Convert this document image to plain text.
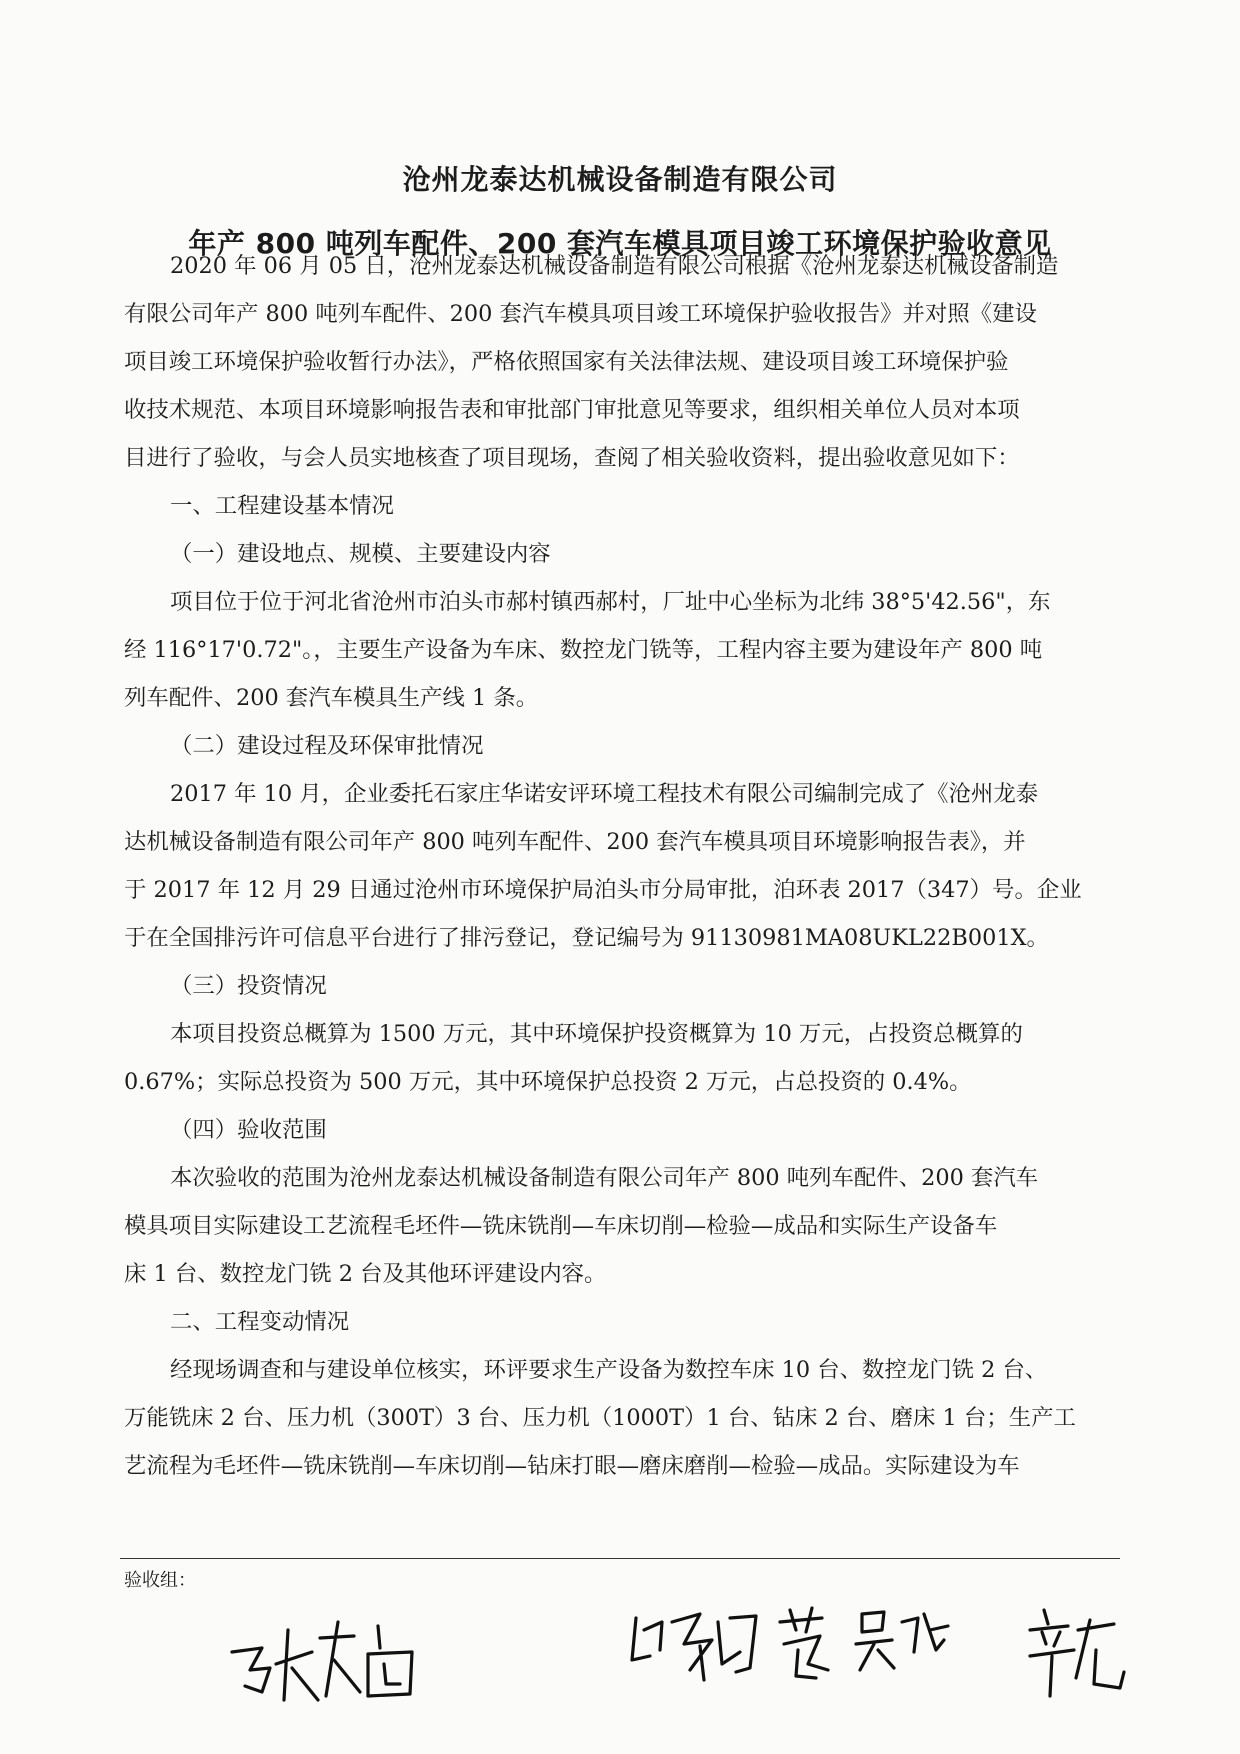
沧州龙泰达机械设备制造有限公司
年产 800 吨列车配件、200 套汽车模具项目竣工环境保护验收意见

2020 年 06 月 05 日，沧州龙泰达机械设备制造有限公司根据《沧州龙泰达机械设备制造

有限公司年产 800 吨列车配件、200 套汽车模具项目竣工环境保护验收报告》并对照《建设

项目竣工环境保护验收暂行办法》，严格依照国家有关法律法规、建设项目竣工环境保护验

收技术规范、本项目环境影响报告表和审批部门审批意见等要求，组织相关单位人员对本项

目进行了验收，与会人员实地核查了项目现场，查阅了相关验收资料，提出验收意见如下：

一、工程建设基本情况

（一）建设地点、规模、主要建设内容

项目位于位于河北省沧州市泊头市郝村镇西郝村，厂址中心坐标为北纬 38°5'42.56"，东

经 116°17'0.72"。，主要生产设备为车床、数控龙门铣等，工程内容主要为建设年产 800 吨

列车配件、200 套汽车模具生产线 1 条。

（二）建设过程及环保审批情况

2017 年 10 月，企业委托石家庄华诺安评环境工程技术有限公司编制完成了《沧州龙泰

达机械设备制造有限公司年产 800 吨列车配件、200 套汽车模具项目环境影响报告表》，并

于 2017 年 12 月 29 日通过沧州市环境保护局泊头市分局审批，泊环表 2017（347）号。企业

于在全国排污许可信息平台进行了排污登记，登记编号为 91130981MA08UKL22B001X。

（三）投资情况

本项目投资总概算为 1500 万元，其中环境保护投资概算为 10 万元，占投资总概算的

0.67%；实际总投资为 500 万元，其中环境保护总投资 2 万元，占总投资的 0.4%。

（四）验收范围

本次验收的范围为沧州龙泰达机械设备制造有限公司年产 800 吨列车配件、200 套汽车

模具项目实际建设工艺流程毛坯件—铣床铣削—车床切削—检验—成品和实际生产设备车

床 1 台、数控龙门铣 2 台及其他环评建设内容。

二、工程变动情况

经现场调查和与建设单位核实，环评要求生产设备为数控车床 10 台、数控龙门铣 2 台、

万能铣床 2 台、压力机（300T）3 台、压力机（1000T）1 台、钻床 2 台、磨床 1 台；生产工

艺流程为毛坯件—铣床铣削—车床切削—钻床打眼—磨床磨削—检验—成品。实际建设为车

验收组：
